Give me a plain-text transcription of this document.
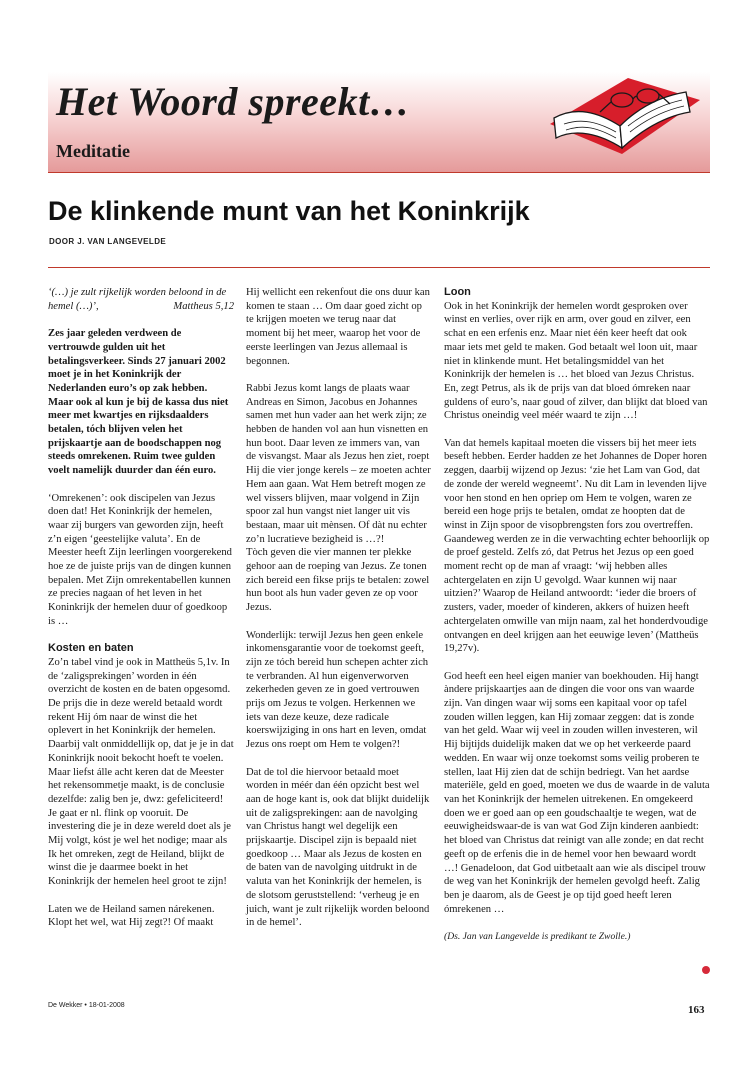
Het Woord spreekt…
Meditatie
De klinkende munt van het Koninkrijk
DOOR J. VAN LANGEVELDE

‘(…) je zult rijkelijk worden beloond in de hemel (…)’,	Mattheus 5,12

Zes jaar geleden verdween de vertrouwde gulden uit het betalingsverkeer. Sinds 27 januari 2002 moet je in het Koninkrijk der Nederlanden euro’s op zak hebben. Maar ook al kun je bij de kassa dus niet meer met kwartjes en rijksdaalders betalen, tóch blijven velen het prijskaartje aan de boodschappen nog steeds omrekenen. Ruim twee gulden voelt namelijk duurder dan één euro.

‘Omrekenen’: ook discipelen van Jezus doen dat! Het Koninkrijk der hemelen, waar zij burgers van geworden zijn, heeft z’n eigen ‘geestelijke valuta’. En de Meester heeft Zijn leerlingen voorgerekend hoe ze de juiste prijs van de dingen kunnen bepalen. Met Zijn omrekentabellen kunnen ze precies nagaan of het leven in het Koninkrijk der hemelen duur of goedkoop is …

Kosten en baten

Zo’n tabel vind je ook in Mattheüs 5,1v. In de ‘zaligsprekingen’ worden in één overzicht de kosten en de baten opgesomd. De prijs die in deze wereld betaald wordt rekent Hij óm naar de winst die het oplevert in het Koninkrijk der hemelen.

Daarbij valt onmiddellijk op, dat je je in dat Koninkrijk nooit bekocht hoeft te voelen. Maar liefst álle acht keren dat de Meester het rekensommetje maakt, is de conclusie dezelfde: zalig ben je, dwz: gefeliciteerd!

Je gaat er nl. flink op vooruit. De investering die je in deze wereld doet als je Mij volgt, kóst je wel het nodige; maar als Ik het omreken, zegt de Heiland, blijkt de winst die je daarmee boekt in het Koninkrijk der hemelen heel groot te zijn!

Laten we de Heiland samen nárekenen. Klopt het wel, wat Hij zegt?! Of maakt

Hij wellicht een rekenfout die ons duur kan komen te staan … Om daar goed zicht op te krijgen moeten we terug naar dat moment bij het meer, waarop het voor de eerste leerlingen van Jezus allemaal is begonnen.

Rabbi Jezus komt langs de plaats waar Andreas en Simon, Jacobus en Johannes samen met hun vader aan het werk zijn; ze hebben de handen vol aan hun visnetten en hun boot. Daar leven ze immers van, van de visvangst. Maar als Jezus hen ziet, roept Hij die vier jonge kerels – ze moeten achter Hem aan gaan. Wat Hem betreft mogen ze wel vissers blijven, maar volgend in Zijn spoor zal hun vangst niet langer uit vis bestaan, maar uit mènsen. Of dàt nu echter zo’n lucratieve bezigheid is …?!

Tòch geven die vier mannen ter plekke gehoor aan de roeping van Jezus. Ze tonen zich bereid een fikse prijs te betalen: zowel hun boot als hun vader geven ze op voor Jezus.

Wonderlijk: terwijl Jezus hen geen enkele inkomensgarantie voor de toekomst geeft, zijn ze tóch bereid hun schepen achter zich te verbranden. Al hun eigenverworven zekerheden geven ze in goed vertrouwen prijs om Jezus te volgen. Herkennen we iets van deze keuze, deze radicale koerswijziging in ons hart en leven, omdat Jezus ons roept om Hem te volgen?!

Dat de tol die hiervoor betaald moet worden in méér dan één opzicht best wel aan de hoge kant is, ook dat blijkt duidelijk uit de zaligsprekingen: aan de navolging van Christus hangt wel degelijk een prijskaartje. Discipel zijn is bepaald niet goedkoop … Maar als Jezus de kosten en de baten van de navolging uitdrukt in de valuta van het Koninkrijk der hemelen, is de slotsom geruststellend: ‘verheug je en juich, want je zult rijkelijk worden beloond in de hemel’.

Loon

Ook in het Koninkrijk der hemelen wordt gesproken over winst en verlies, over rijk en arm, over goud en zilver, een schat en een erfenis enz. Maar niet één keer heeft dat ook maar iets met geld te maken. God betaalt wel loon uit, maar niet in klinkende munt. Het betalingsmiddel van het Koninkrijk der hemelen is … het bloed van Jezus Christus. En, zegt Petrus, als ik de prijs van dat bloed ómreken naar guldens of euro’s, naar goud of zilver, dan blijkt dat bloed van Christus oneindig veel méér waard te zijn …!

Van dat hemels kapitaal moeten die vissers bij het meer iets beseft hebben. Eerder hadden ze het Johannes de Doper horen zeggen, daarbij wijzend op Jezus: ‘zie het Lam van God, dat de zonde der wereld wegneemt’. Nu dit Lam in levenden lijve voor hen stond en hen opriep om Hem te volgen, waren ze bereid een hoge prijs te betalen, omdat ze hoopten dat de winst in Zijn spoor de visopbrengsten fors zou overtreffen. Gaandeweg werden ze in die verwachting echter behoorlijk op de proef gesteld. Zelfs zó, dat Petrus het Jezus op een goed moment recht op de man af vraagt: ‘wij hebben alles achtergelaten en zijn U gevolgd. Waar kunnen wij naar uitzien?’ Waarop de Heiland antwoordt: ‘ieder die broers of zusters, vader, moeder of kinderen, akkers of huizen heeft achtergelaten omwille van mijn naam, zal het honderdvoudige ontvangen en deel krijgen aan het eeuwige leven’ (Mattheüs 19,27v).

God heeft een heel eigen manier van boekhouden. Hij hangt àndere prijskaartjes aan de dingen die voor ons van waarde zijn. Van dingen waar wij soms een kapitaal voor op tafel zouden willen leggen, kan Hij zomaar zeggen: dat is zonde van het geld. Waar wij veel in zouden willen investeren, wil Hij bijtijds duidelijk maken dat we op het verkeerde paard wedden. En waar wij onze toekomst soms veilig proberen te stellen, laat Hij zien dat de schijn bedriegt. Van het aardse materiële, geld en goed, moeten we dus de waarde in de valuta van het Koninkrijk der hemelen uitrekenen. En omgekeerd doen we er goed aan op een goudschaaltje te wegen, wat de eeuwigheidswaar-de is van wat God Zijn kinderen aanbiedt: het bloed van Christus dat reinigt van alle zonde; en dat recht geeft op de erfenis die in de hemel voor hen bewaard wordt …! Genadeloon, dat God uitbetaalt aan wie als discipel trouw de weg van het Koninkrijk der hemelen gevolgd heeft. Zalig ben je daarom, als de Geest je op tijd goed heeft leren ómrekenen …

(Ds. Jan van Langevelde is predikant te Zwolle.)

De Wekker • 18-01-2008	163
